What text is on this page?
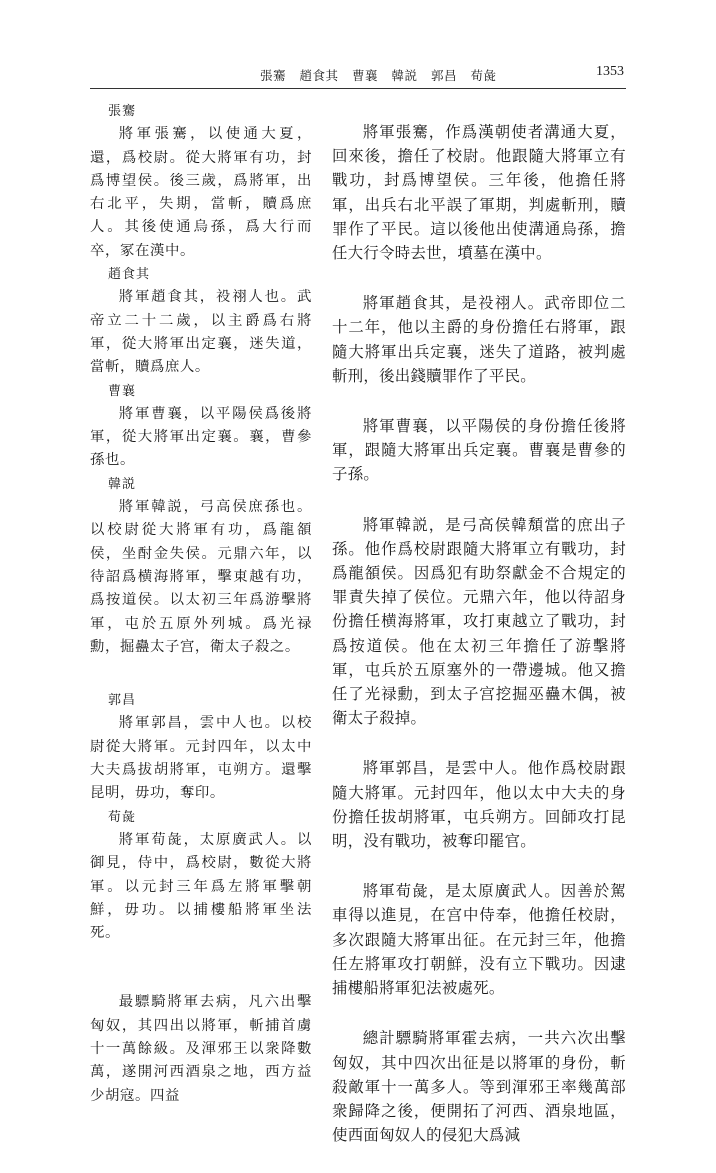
張騫 趙食其 曹襄 韓説 郭昌 荀彘	1353
張騫

將軍張騫，以使通大夏，還，爲校尉。從大將軍有功，封爲博望侯。後三歲，爲將軍，出右北平，失期，當斬，贖爲庶人。其後使通烏孫，爲大行而卒，冢在漢中。

趙食其

將軍趙食其，祋祤人也。武帝立二十二歲，以主爵爲右將軍，從大將軍出定襄，迷失道，當斬，贖爲庶人。

曹襄

將軍曹襄，以平陽侯爲後將軍，從大將軍出定襄。襄，曹參孫也。

韓説

將軍韓説，弓高侯庶孫也。以校尉從大將軍有功，爲龍頟侯，坐酎金失侯。元鼎六年，以待詔爲横海將軍，擊東越有功，爲按道侯。以太初三年爲游擊將軍，屯於五原外列城。爲光禄勳，掘蠱太子宫，衛太子殺之。

郭昌

將軍郭昌，雲中人也。以校尉從大將軍。元封四年，以太中大夫爲拔胡將軍，屯朔方。還擊昆明，毋功，奪印。

荀彘

將軍荀彘，太原廣武人。以御見，侍中，爲校尉，數從大將軍。以元封三年爲左將軍擊朝鮮，毋功。以捕樓船將軍坐法死。

最驃騎將軍去病，凡六出擊匈奴，其四出以將軍，斬捕首虜十一萬餘級。及渾邪王以衆降數萬，遂開河西酒泉之地，西方益少胡寇。四益

將軍張騫，作爲漢朝使者溝通大夏，回來後，擔任了校尉。他跟隨大將軍立有戰功，封爲博望侯。三年後，他擔任將軍，出兵右北平誤了軍期，判處斬刑，贖罪作了平民。這以後他出使溝通烏孫，擔任大行令時去世，墳墓在漢中。

將軍趙食其，是祋祤人。武帝即位二十二年，他以主爵的身份擔任右將軍，跟隨大將軍出兵定襄，迷失了道路，被判處斬刑，後出錢贖罪作了平民。

將軍曹襄，以平陽侯的身份擔任後將軍，跟隨大將軍出兵定襄。曹襄是曹參的子孫。

將軍韓説，是弓高侯韓頽當的庶出子孫。他作爲校尉跟隨大將軍立有戰功，封爲龍頟侯。因爲犯有助祭獻金不合規定的罪責失掉了侯位。元鼎六年，他以待詔身份擔任横海將軍，攻打東越立了戰功，封爲按道侯。他在太初三年擔任了游擊將軍，屯兵於五原塞外的一帶邊城。他又擔任了光禄勳，到太子宫挖掘巫蠱木偶，被衛太子殺掉。

將軍郭昌，是雲中人。他作爲校尉跟隨大將軍。元封四年，他以太中大夫的身份擔任拔胡將軍，屯兵朔方。回師攻打昆明，没有戰功，被奪印罷官。

將軍荀彘，是太原廣武人。因善於駕車得以進見，在宫中侍奉，他擔任校尉，多次跟隨大將軍出征。在元封三年，他擔任左將軍攻打朝鮮，没有立下戰功。因逮捕樓船將軍犯法被處死。

總計驃騎將軍霍去病，一共六次出擊匈奴，其中四次出征是以將軍的身份，斬殺敵軍十一萬多人。等到渾邪王率幾萬部衆歸降之後，便開拓了河西、酒泉地區，使西面匈奴人的侵犯大爲減
